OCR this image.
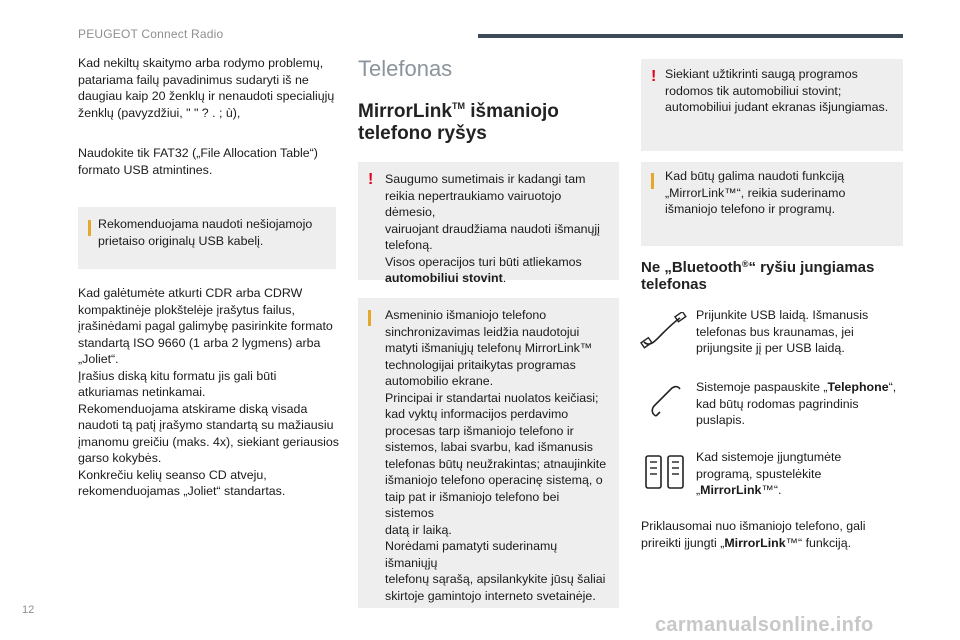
PEUGEOT Connect Radio

Kad nekiltų skaitymo arba rodymo problemų,
patariama failų pavadinimus sudaryti iš ne
daugiau kaip 20 ženklų ir nenaudoti specialiųjų
ženklų (pavyzdžiui, " " ? . ; ù),

Naudokite tik FAT32 („File Allocation Table“)
formato USB atmintines.

Rekomenduojama naudoti nešiojamojo
prietaiso originalų USB kabelį.

Kad galėtumėte atkurti CDR arba CDRW
kompaktinėje plokštelėje įrašytus failus,
įrašinėdami pagal galimybę pasirinkite formato
standartą ISO 9660 (1 arba 2 lygmens) arba
„Joliet“.
Įrašius diską kitu formatu jis gali būti
atkuriamas netinkamai.
Rekomenduojama atskirame diską visada
naudoti tą patį įrašymo standartą su mažiausiu
įmanomu greičiu (maks. 4x), siekiant geriausios
garso kokybės.
Konkrečiu kelių seanso CD atveju,
rekomenduojamas „Joliet“ standartas.

Telefonas
MirrorLink™ išmaniojo
telefono ryšys
! Saugumo sumetimais ir kadangi tam
reikia nepertraukiamo vairuotojo dėmesio,
vairuojant draudžiama naudoti išmanųjį
telefoną.
Visos operacijos turi būti atliekamos
automobiliui stovint.
Asmeninio išmaniojo telefono
sinchronizavimas leidžia naudotojui
matyti išmaniųjų telefonų MirrorLink™
technologijai pritaikytas programas
automobilio ekrane.
Principai ir standartai nuolatos keičiasi;
kad vyktų informacijos perdavimo
procesas tarp išmaniojo telefono ir
sistemos, labai svarbu, kad išmanusis
telefonas būtų neužrakintas; atnaujinkite
išmaniojo telefono operacinę sistemą, o
taip pat ir išmaniojo telefono bei sistemos
datą ir laiką.
Norėdami pamatyti suderinamų išmaniųjų
telefonų sąrašą, apsilankykite jūsų šaliai
skirtoje gamintojo interneto svetainėje.
! Siekiant užtikrinti saugą programos
rodomos tik automobiliui stovint;
automobiliui judant ekranas išjungiamas.
Kad būtų galima naudoti funkciją
„MirrorLink™“, reikia suderinamo
išmaniojo telefono ir programų.
Ne „Bluetooth®“ ryšiu jungiamas
telefonas
Prijunkite USB laidą. Išmanusis
telefonas bus kraunamas, jei
prijungsite jį per USB laidą.
Sistemoje paspauskite „Telephone“,
kad būtų rodomas pagrindinis
puslapis.
Kad sistemoje įjungtumėte
programą, spustelėkite
„MirrorLink™“.
Priklausomai nuo išmaniojo telefono, gali
prireikti įjungti „MirrorLink™“ funkciją.
12
carmanualsonline.info
